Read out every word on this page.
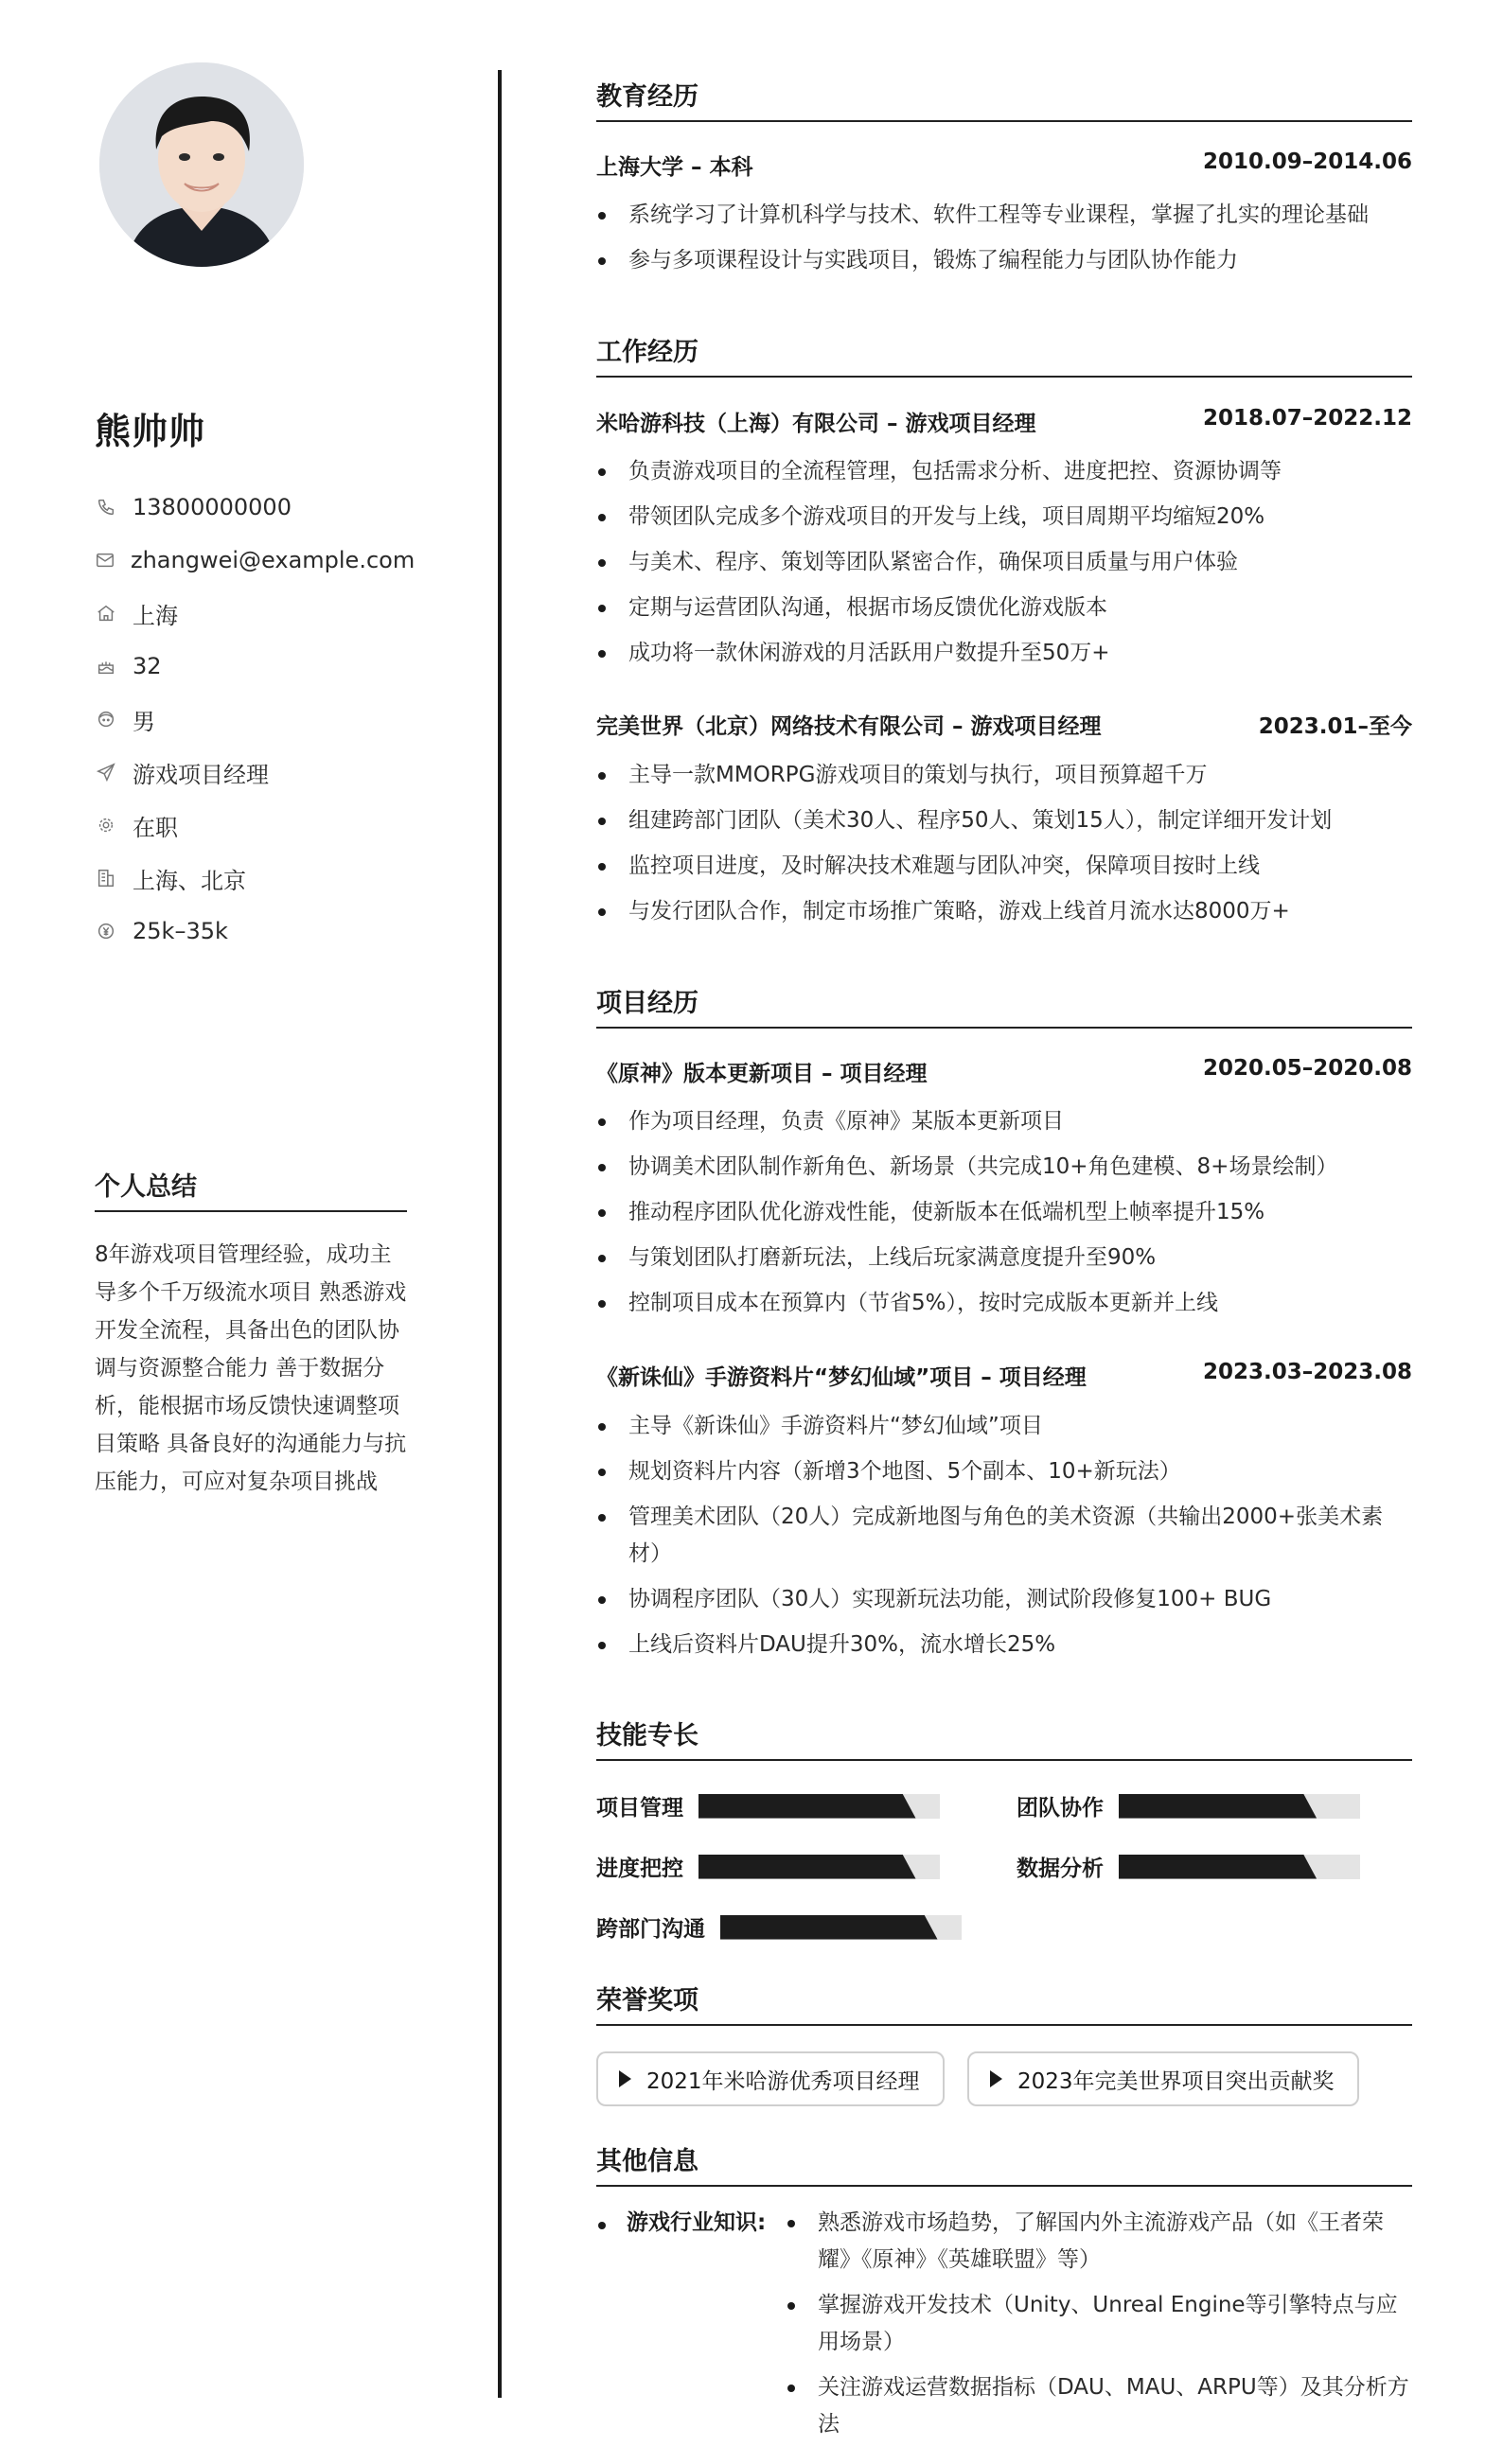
熊帅帅
13800000000
zhangwei@example.com
上海
32
男
游戏项目经理
在职
上海、北京
25k–35k
个人总结
8年游戏项目管理经验，成功主导多个千万级流水项目 熟悉游戏开发全流程，具备出色的团队协调与资源整合能力 善于数据分析，能根据市场反馈快速调整项目策略 具备良好的沟通能力与抗压能力，可应对复杂项目挑战
教育经历
上海大学 – 本科	2010.09–2014.06
系统学习了计算机科学与技术、软件工程等专业课程，掌握了扎实的理论基础
参与多项课程设计与实践项目，锻炼了编程能力与团队协作能力
工作经历
米哈游科技（上海）有限公司 – 游戏项目经理	2018.07–2022.12
负责游戏项目的全流程管理，包括需求分析、进度把控、资源协调等
带领团队完成多个游戏项目的开发与上线，项目周期平均缩短20%
与美术、程序、策划等团队紧密合作，确保项目质量与用户体验
定期与运营团队沟通，根据市场反馈优化游戏版本
成功将一款休闲游戏的月活跃用户数提升至50万+
完美世界（北京）网络技术有限公司 – 游戏项目经理	2023.01–至今
主导一款MMORPG游戏项目的策划与执行，项目预算超千万
组建跨部门团队（美术30人、程序50人、策划15人），制定详细开发计划
监控项目进度，及时解决技术难题与团队冲突，保障项目按时上线
与发行团队合作，制定市场推广策略，游戏上线首月流水达8000万+
项目经历
《原神》版本更新项目 – 项目经理	2020.05–2020.08
作为项目经理，负责《原神》某版本更新项目
协调美术团队制作新角色、新场景（共完成10+角色建模、8+场景绘制）
推动程序团队优化游戏性能，使新版本在低端机型上帧率提升15%
与策划团队打磨新玩法，上线后玩家满意度提升至90%
控制项目成本在预算内（节省5%），按时完成版本更新并上线
《新诛仙》手游资料片“梦幻仙域”项目 – 项目经理	2023.03–2023.08
主导《新诛仙》手游资料片“梦幻仙域”项目
规划资料片内容（新增3个地图、5个副本、10+新玩法）
管理美术团队（20人）完成新地图与角色的美术资源（共输出2000+张美术素材）
协调程序团队（30人）实现新玩法功能，测试阶段修复100+ BUG
上线后资料片DAU提升30%，流水增长25%
技能专长
项目管理	团队协作
进度把控	数据分析
跨部门沟通
荣誉奖项
2021年米哈游优秀项目经理	2023年完美世界项目突出贡献奖
其他信息
游戏行业知识:	熟悉游戏市场趋势，了解国内外主流游戏产品（如《王者荣耀》《原神》《英雄联盟》等）
掌握游戏开发技术（Unity、Unreal Engine等引擎特点与应用场景）
关注游戏运营数据指标（DAU、MAU、ARPU等）及其分析方法
